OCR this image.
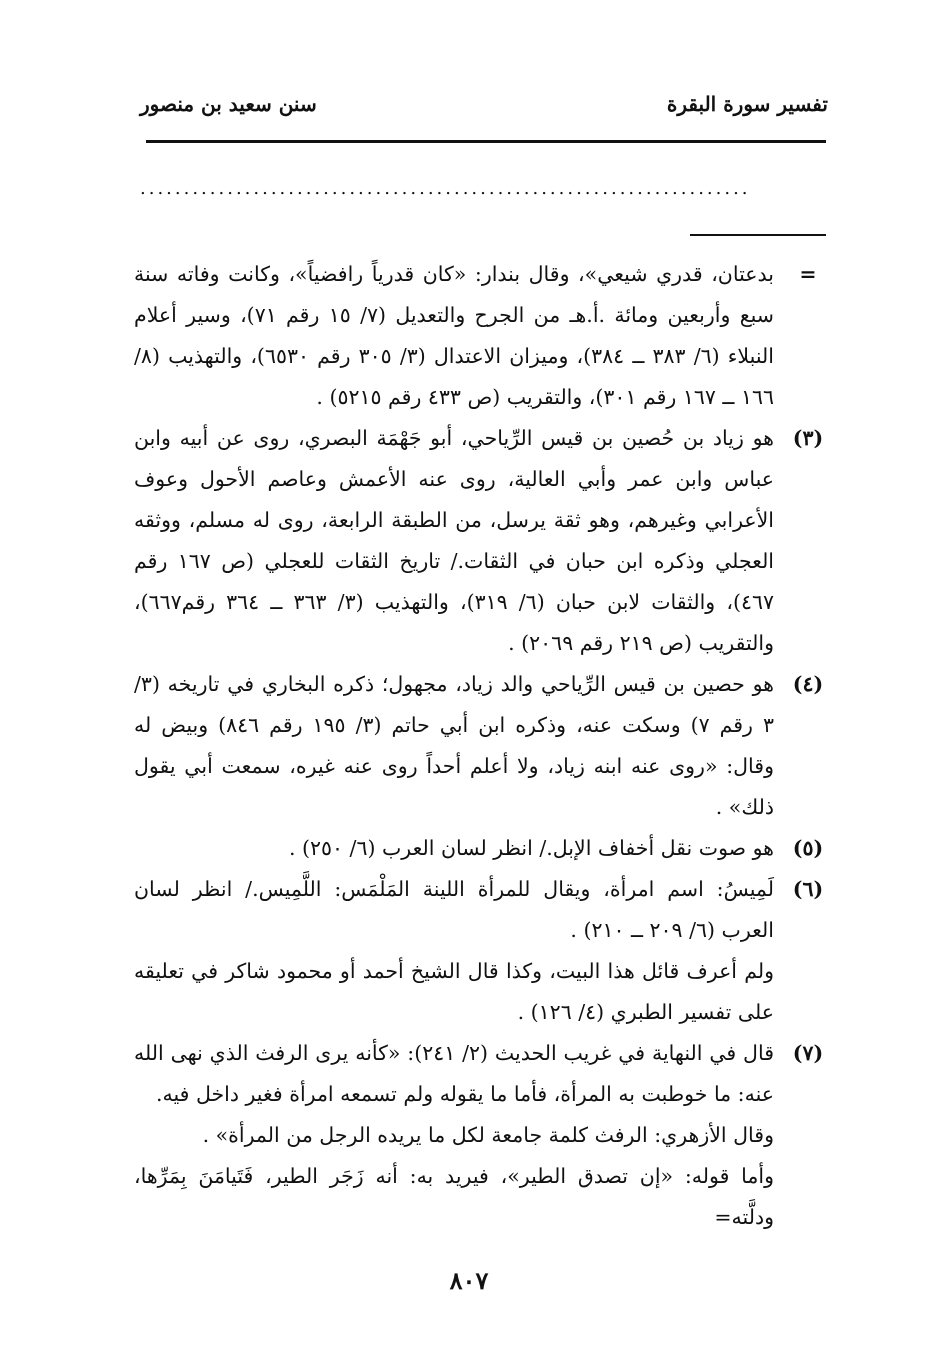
تفسير سورة البقرة
سنن سعيد بن منصور
......................................................................
=
بدعتان، قدري شيعي»، وقال بندار: «كان قدرياً رافضياً»، وكانت وفاته سنة سبع وأربعين ومائة .أ.هـ من الجرح والتعديل (٧/ ١٥ رقم ٧١)، وسير أعلام النبلاء (٦/ ٣٨٣ ــ ٣٨٤)، وميزان الاعتدال (٣/ ٣٠٥ رقم ٦٥٣٠)، والتهذيب (٨/ ١٦٦ ــ ١٦٧ رقم ٣٠١)، والتقريب (ص ٤٣٣ رقم ٥٢١٥) .
(٣)
هو زياد بن حُصين بن قيس الرِّياحي، أبو جَهْمَة البصري، روى عن أبيه وابن عباس وابن عمر وأبي العالية، روى عنه الأعمش وعاصم الأحول وعوف الأعرابي وغيرهم، وهو ثقة يرسل، من الطبقة الرابعة، روى له مسلم، ووثقه العجلي وذكره ابن حبان في الثقات./ تاريخ الثقات للعجلي (ص ١٦٧ رقم ٤٦٧)، والثقات لابن حبان (٦/ ٣١٩)، والتهذيب (٣/ ٣٦٣ ــ ٣٦٤ رقم٦٦٧)، والتقريب (ص ٢١٩ رقم ٢٠٦٩) .
(٤)
هو حصين بن قيس الرِّياحي والد زياد، مجهول؛ ذكره البخاري في تاريخه (٣/ ٣ رقم ٧) وسكت عنه، وذكره ابن أبي حاتم (٣/ ١٩٥ رقم ٨٤٦) وبيض له وقال: «روى عنه ابنه زياد، ولا أعلم أحداً روى عنه غيره، سمعت أبي يقول ذلك» .
(٥)
هو صوت نقل أخفاف الإبل./ انظر لسان العرب (٦/ ٢٥٠) .
(٦)
لَمِيسُ: اسم امرأة، ويقال للمرأة اللينة المَلْمَس: اللَّمِيس./ انظر لسان العرب (٦/ ٢٠٩ ــ ٢١٠) .
ولم أعرف قائل هذا البيت، وكذا قال الشيخ أحمد أو محمود شاكر في تعليقه على تفسير الطبري (٤/ ١٢٦) .
(٧)
قال في النهاية في غريب الحديث (٢/ ٢٤١): «كأنه يرى الرفث الذي نهى الله عنه: ما خوطبت به المرأة، فأما ما يقوله ولم تسمعه امرأة فغير داخل فيه.
وقال الأزهري: الرفث كلمة جامعة لكل ما يريده الرجل من المرأة» .
وأما قوله: «إن تصدق الطير»، فيريد به: أنه زَجَر الطير، فَتَيامَنَ بِمَرِّها، ودلَّته=
٨٠٧
